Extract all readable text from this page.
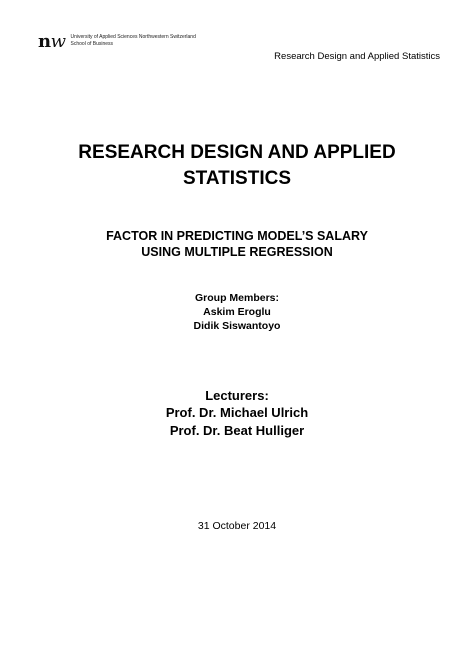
nw University of Applied Sciences Northwestern Switzerland
School of Business
Research Design and Applied Statistics
RESEARCH DESIGN AND APPLIED
STATISTICS
FACTOR IN PREDICTING MODEL’S SALARY
USING MULTIPLE REGRESSION
Group Members:
Askim Eroglu
Didik Siswantoyo
Lecturers:
Prof. Dr. Michael Ulrich
Prof. Dr. Beat Hulliger
31 October 2014
